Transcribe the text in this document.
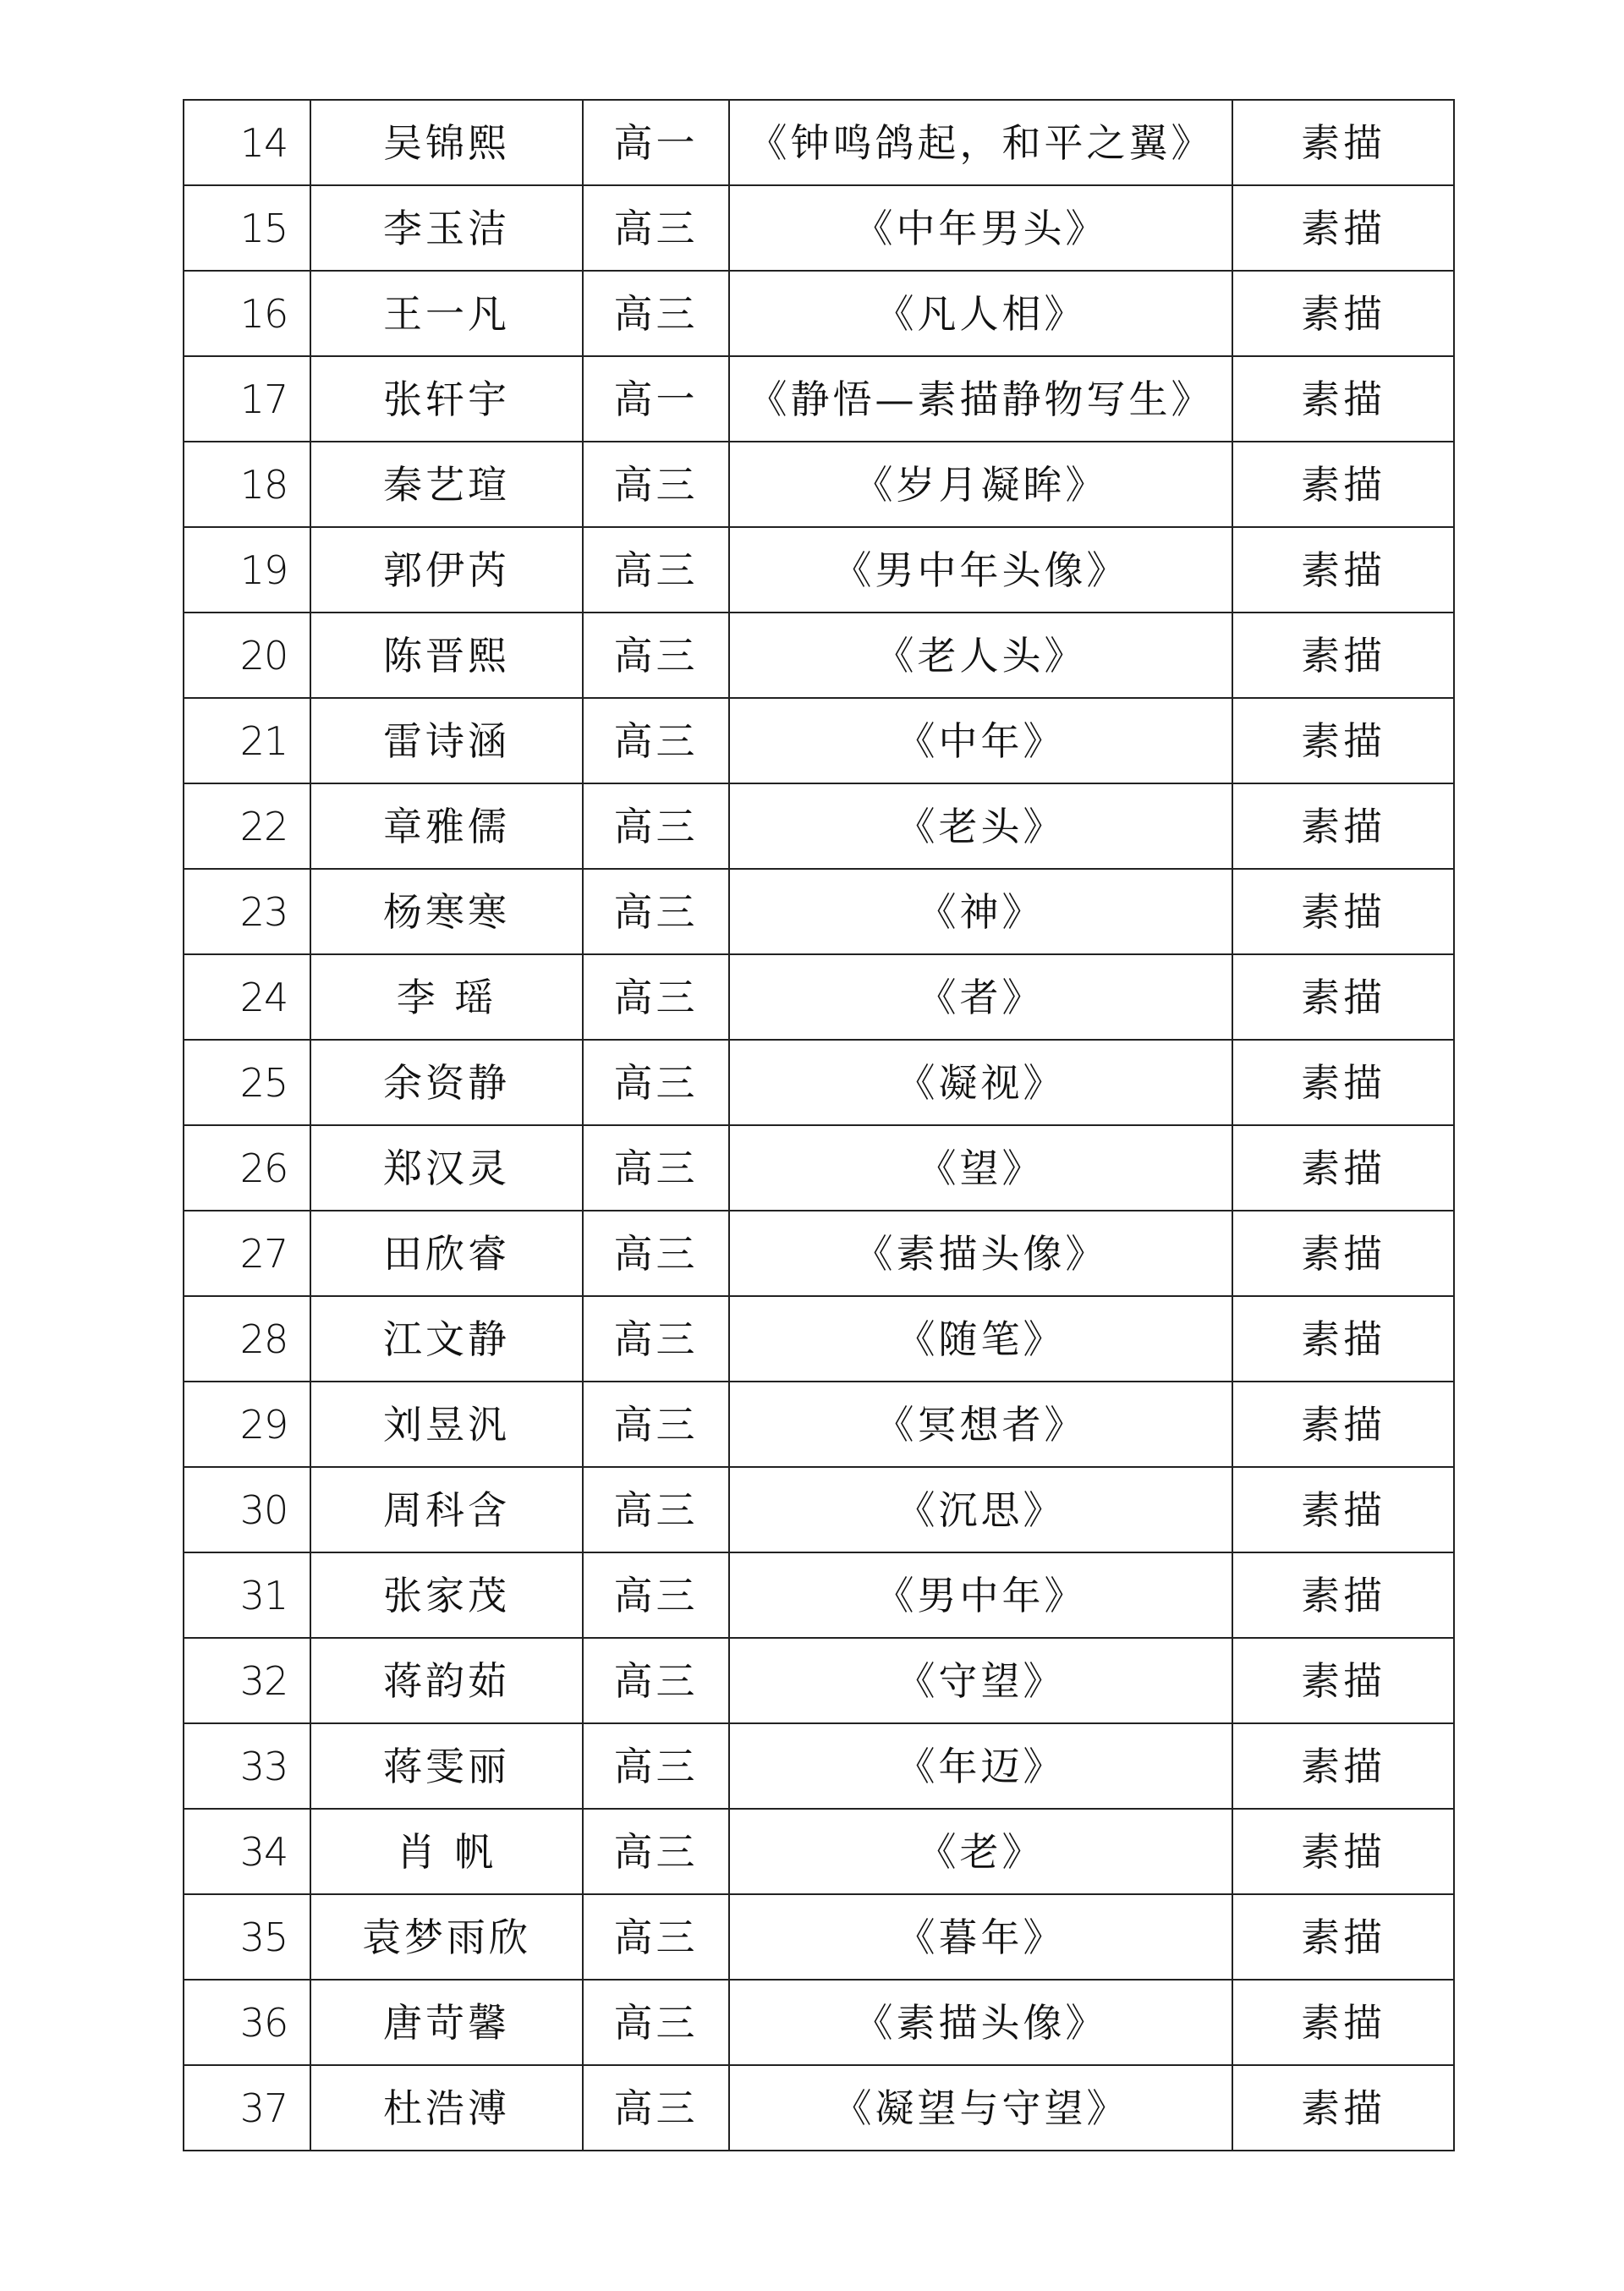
14	吴锦熙	高一	《钟鸣鸽起，和平之翼》	素描
15	李玉洁	高三	《中年男头》	素描
16	王一凡	高三	《凡人相》	素描
17	张轩宇	高一	《静悟—素描静物写生》	素描
18	秦艺瑄	高三	《岁月凝眸》	素描
19	郭伊芮	高三	《男中年头像》	素描
20	陈晋熙	高三	《老人头》	素描
21	雷诗涵	高三	《中年》	素描
22	章雅儒	高三	《老头》	素描
23	杨寒寒	高三	《神》	素描
24	李 瑶	高三	《者》	素描
25	余资静	高三	《凝视》	素描
26	郑汉灵	高三	《望》	素描
27	田欣睿	高三	《素描头像》	素描
28	江文静	高三	《随笔》	素描
29	刘昱汎	高三	《冥想者》	素描
30	周科含	高三	《沉思》	素描
31	张家茂	高三	《男中年》	素描
32	蒋韵茹	高三	《守望》	素描
33	蒋雯丽	高三	《年迈》	素描
34	肖 帆	高三	《老》	素描
35	袁梦雨欣	高三	《暮年》	素描
36	唐苛馨	高三	《素描头像》	素描
37	杜浩溥	高三	《凝望与守望》	素描
